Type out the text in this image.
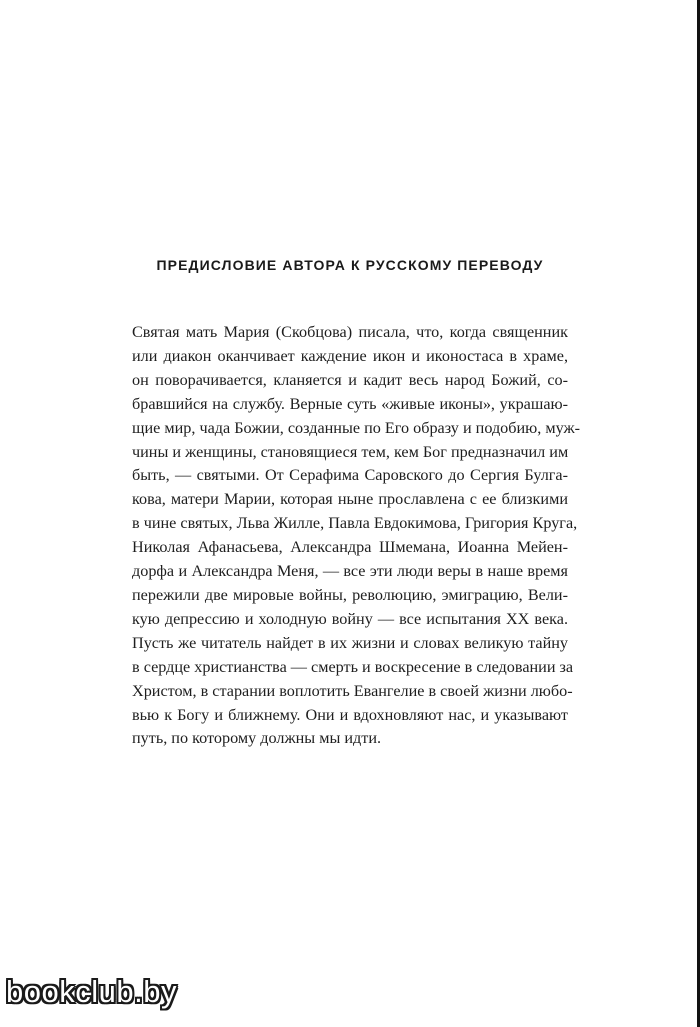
ПРЕДИСЛОВИЕ АВТОРА К РУССКОМУ ПЕРЕВОДУ
Святая мать Мария (Скобцова) писала, что, когда священник
или диакон оканчивает каждение икон и иконостаса в храме,
он поворачивается, кланяется и кадит весь народ Божий, со-
бравшийся на службу. Верные суть «живые иконы», украшаю-
щие мир, чада Божии, созданные по Его образу и подобию, муж-
чины и женщины, становящиеся тем, кем Бог предназначил им
быть, — святыми. От Серафима Саровского до Сергия Булга-
кова, матери Марии, которая ныне прославлена с ее близкими
в чине святых, Льва Жилле, Павла Евдокимова, Григория Круга,
Николая Афанасьева, Александра Шмемана, Иоанна Мейен-
дорфа и Александра Меня, — все эти люди веры в наше время
пережили две мировые войны, революцию, эмиграцию, Вели-
кую депрессию и холодную войну — все испытания XX века.
Пусть же читатель найдет в их жизни и словах великую тайну
в сердце христианства — смерть и воскресение в следовании за
Христом, в старании воплотить Евангелие в своей жизни любо-
вью к Богу и ближнему. Они и вдохновляют нас, и указывают
путь, по которому должны мы идти.
bookclub.by
